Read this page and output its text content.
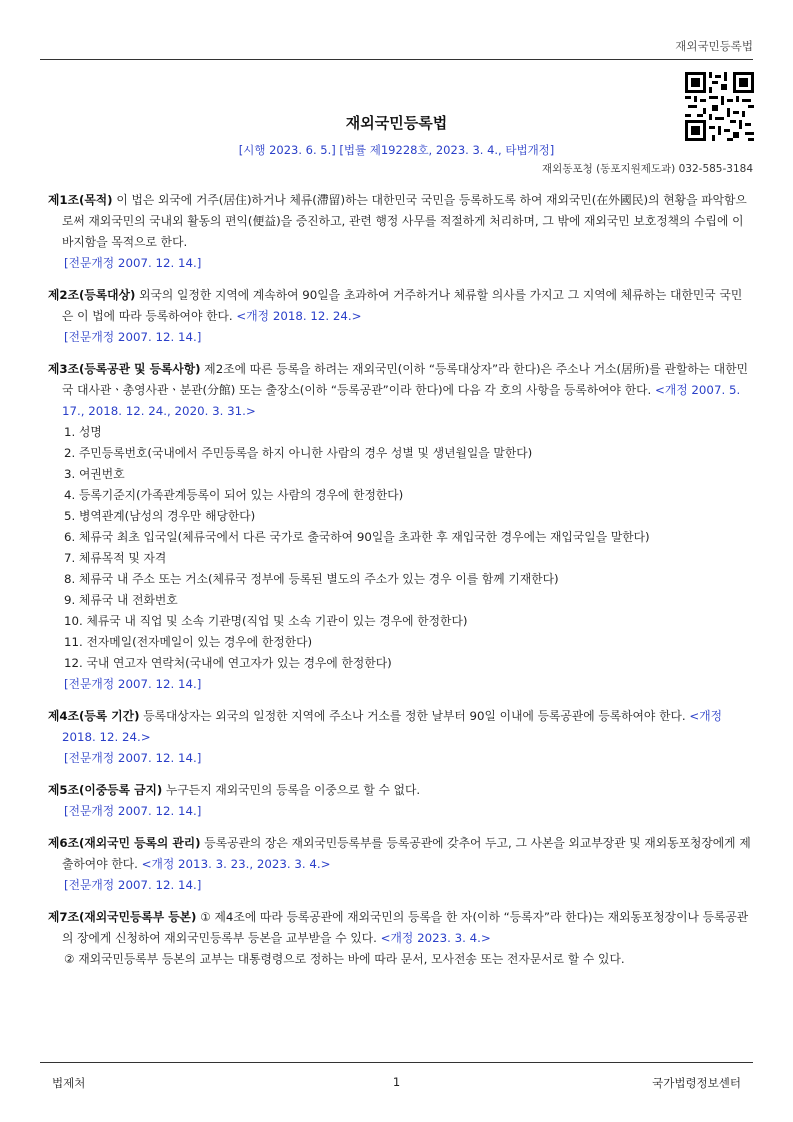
재외국민등록법
재외국민등록법
[시행 2023. 6. 5.] [법률 제19228호, 2023. 3. 4., 타법개정]
재외동포청 (동포지원제도과) 032-585-3184

제1조(목적) 이 법은 외국에 거주(居住)하거나 체류(滯留)하는 대한민국 국민을 등록하도록 하여 재외국민(在外國民)의 현황을 파악함으로써 재외국민의 국내외 활동의 편익(便益)을 증진하고, 관련 행정 사무를 적절하게 처리하며, 그 밖에 재외국민 보호정책의 수립에 이바지함을 목적으로 한다.

[전문개정 2007. 12. 14.]

제2조(등록대상) 외국의 일정한 지역에 계속하여 90일을 초과하여 거주하거나 체류할 의사를 가지고 그 지역에 체류하는 대한민국 국민은 이 법에 따라 등록하여야 한다. <개정 2018. 12. 24.>

[전문개정 2007. 12. 14.]

제3조(등록공관 및 등록사항) 제2조에 따른 등록을 하려는 재외국민(이하 “등록대상자”라 한다)은 주소나 거소(居所)를 관할하는 대한민국 대사관ㆍ총영사관ㆍ분관(分館) 또는 출장소(이하 “등록공관”이라 한다)에 다음 각 호의 사항을 등록하여야 한다. <개정 2007. 5. 17., 2018. 12. 24., 2020. 3. 31.>

1. 성명
2. 주민등록번호(국내에서 주민등록을 하지 아니한 사람의 경우 성별 및 생년월일을 말한다)
3. 여권번호
4. 등록기준지(가족관계등록이 되어 있는 사람의 경우에 한정한다)
5. 병역관계(남성의 경우만 해당한다)
6. 체류국 최초 입국일(체류국에서 다른 국가로 출국하여 90일을 초과한 후 재입국한 경우에는 재입국일을 말한다)
7. 체류목적 및 자격
8. 체류국 내 주소 또는 거소(체류국 정부에 등록된 별도의 주소가 있는 경우 이를 함께 기재한다)
9. 체류국 내 전화번호
10. 체류국 내 직업 및 소속 기관명(직업 및 소속 기관이 있는 경우에 한정한다)
11. 전자메일(전자메일이 있는 경우에 한정한다)
12. 국내 연고자 연락처(국내에 연고자가 있는 경우에 한정한다)
[전문개정 2007. 12. 14.]

제4조(등록 기간) 등록대상자는 외국의 일정한 지역에 주소나 거소를 정한 날부터 90일 이내에 등록공관에 등록하여야 한다. <개정 2018. 12. 24.>

[전문개정 2007. 12. 14.]

제5조(이중등록 금지) 누구든지 재외국민의 등록을 이중으로 할 수 없다.

[전문개정 2007. 12. 14.]

제6조(재외국민 등록의 관리) 등록공관의 장은 재외국민등록부를 등록공관에 갖추어 두고, 그 사본을 외교부장관 및 재외동포청장에게 제출하여야 한다. <개정 2013. 3. 23., 2023. 3. 4.>

[전문개정 2007. 12. 14.]

제7조(재외국민등록부 등본) ① 제4조에 따라 등록공관에 재외국민의 등록을 한 자(이하 “등록자”라 한다)는 재외동포청장이나 등록공관의 장에게 신청하여 재외국민등록부 등본을 교부받을 수 있다. <개정 2023. 3. 4.>

② 재외국민등록부 등본의 교부는 대통령령으로 정하는 바에 따라 문서, 모사전송 또는 전자문서로 할 수 있다.
법제처	1	국가법령정보센터
